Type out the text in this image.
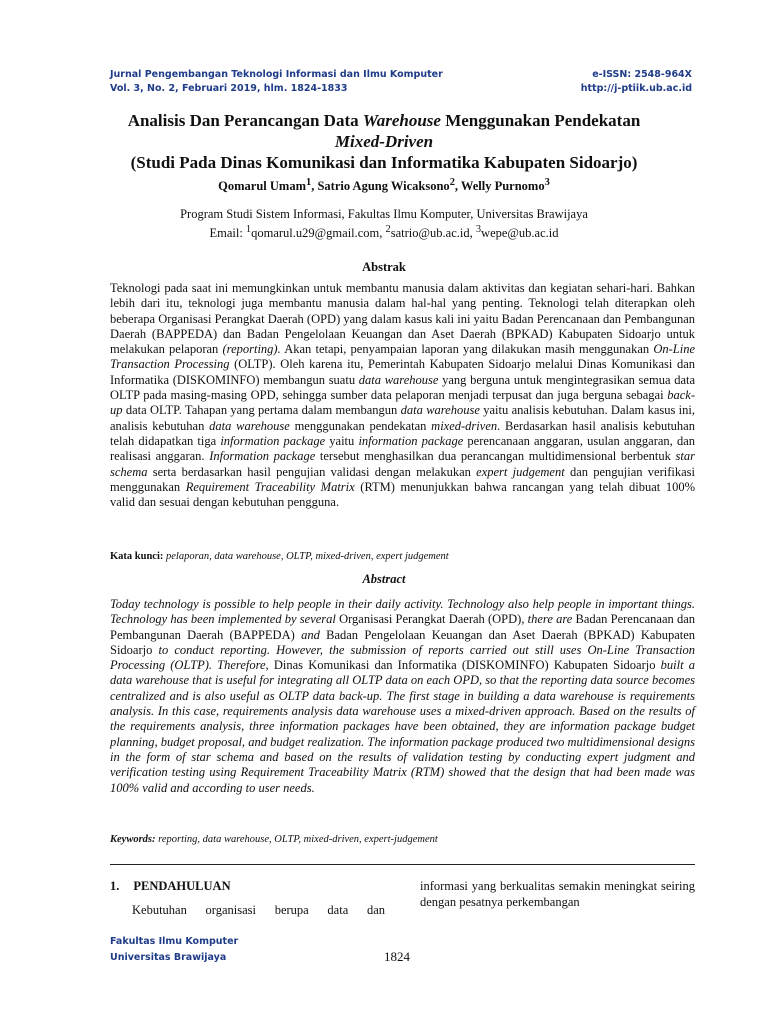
Jurnal Pengembangan Teknologi Informasi dan Ilmu Komputer
Vol. 3, No. 2, Februari 2019, hlm. 1824-1833
e-ISSN: 2548-964X
http://j-ptiik.ub.ac.id
Analisis Dan Perancangan Data Warehouse Menggunakan Pendekatan
Mixed-Driven
(Studi Pada Dinas Komunikasi dan Informatika Kabupaten Sidoarjo)
Qomarul Umam$^1$, Satrio Agung Wicaksono$^2$, Welly Purnomo$^3$
Program Studi Sistem Informasi, Fakultas Ilmu Komputer, Universitas Brawijaya
Email: $^1$qomarul.u29@gmail.com, $^2$satrio@ub.ac.id, $^3$wepe@ub.ac.id
Abstrak

Teknologi pada saat ini memungkinkan untuk membantu manusia dalam aktivitas dan kegiatan sehari-hari. Bahkan lebih dari itu, teknologi juga membantu manusia dalam hal-hal yang penting. Teknologi telah diterapkan oleh beberapa Organisasi Perangkat Daerah (OPD) yang dalam kasus kali ini yaitu Badan Perencanaan dan Pembangunan Daerah (BAPPEDA) dan Badan Pengelolaan Keuangan dan Aset Daerah (BPKAD) Kabupaten Sidoarjo untuk melakukan pelaporan (reporting). Akan tetapi, penyampaian laporan yang dilakukan masih menggunakan On-Line Transaction Processing (OLTP). Oleh karena itu, Pemerintah Kabupaten Sidoarjo melalui Dinas Komunikasi dan Informatika (DISKOMINFO) membangun suatu data warehouse yang berguna untuk mengintegrasikan semua data OLTP pada masing-masing OPD, sehingga sumber data pelaporan menjadi terpusat dan juga berguna sebagai back-up data OLTP. Tahapan yang pertama dalam membangun data warehouse yaitu analisis kebutuhan. Dalam kasus ini, analisis kebutuhan data warehouse menggunakan pendekatan mixed-driven. Berdasarkan hasil analisis kebutuhan telah didapatkan tiga information package yaitu information package perencanaan anggaran, usulan anggaran, dan realisasi anggaran. Information package tersebut menghasilkan dua perancangan multidimensional berbentuk star schema serta berdasarkan hasil pengujian validasi dengan melakukan expert judgement dan pengujian verifikasi menggunakan Requirement Traceability Matrix (RTM) menunjukkan bahwa rancangan yang telah dibuat 100% valid dan sesuai dengan kebutuhan pengguna.

Kata kunci: pelaporan, data warehouse, OLTP, mixed-driven, expert judgement
Abstract

Today technology is possible to help people in their daily activity. Technology also help people in important things. Technology has been implemented by several Organisasi Perangkat Daerah (OPD), there are Badan Perencanaan dan Pembangunan Daerah (BAPPEDA) and Badan Pengelolaan Keuangan dan Aset Daerah (BPKAD) Kabupaten Sidoarjo to conduct reporting. However, the submission of reports carried out still uses On-Line Transaction Processing (OLTP). Therefore, Dinas Komunikasi dan Informatika (DISKOMINFO) Kabupaten Sidoarjo built a data warehouse that is useful for integrating all OLTP data on each OPD, so that the reporting data source becomes centralized and is also useful as OLTP data back-up. The first stage in building a data warehouse is requirements analysis. In this case, requirements analysis data warehouse uses a mixed-driven approach. Based on the results of the requirements analysis, three information packages have been obtained, they are information package budget planning, budget proposal, and budget realization. The information package produced two multidimensional designs in the form of star schema and based on the results of validation testing by conducting expert judgment and verification testing using Requirement Traceability Matrix (RTM) showed that the design that had been made was 100% valid and according to user needs.

Keywords: reporting, data warehouse, OLTP, mixed-driven, expert-judgement
1. PENDAHULUAN
Kebutuhan organisasi berupa data dan
informasi yang berkualitas semakin meningkat seiring dengan pesatnya perkembangan
Fakultas Ilmu Komputer
Universitas Brawijaya	1824
